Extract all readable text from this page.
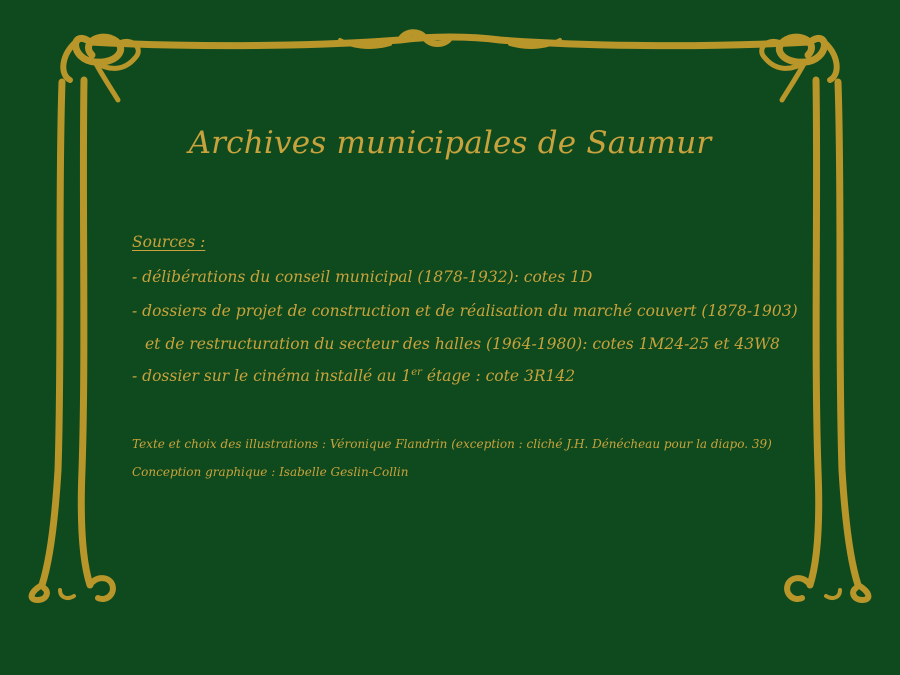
Archives municipales de Saumur
Sources :
- délibérations du conseil municipal (1878-1932): cotes 1D
- dossiers de projet de construction et de réalisation du marché couvert (1878-1903)
et de restructuration du secteur des halles (1964-1980): cotes 1M24-25 et 43W8
- dossier sur le cinéma installé au 1er étage : cote 3R142
Texte et choix des illustrations : Véronique Flandrin (exception : cliché J.H. Dénécheau pour la diapo. 39)
Conception graphique : Isabelle Geslin-Collin
